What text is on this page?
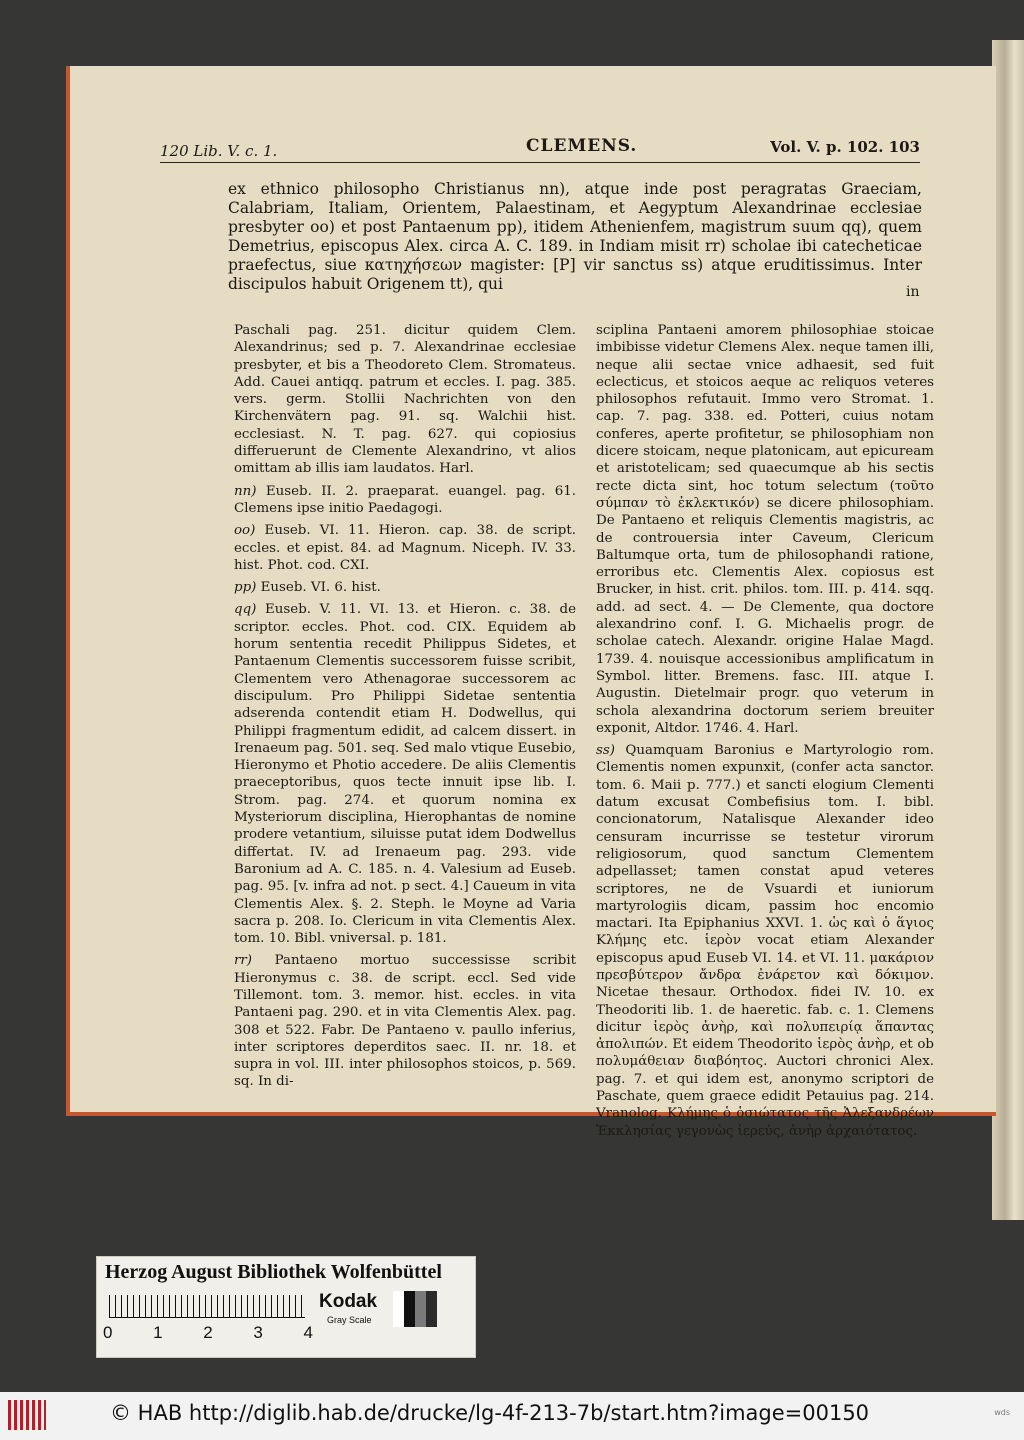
120 Lib. V. c. 1.	CLEMENS.	Vol. V. p. 102. 103

ex ethnico philosopho Christianus nn), atque inde post peragratas Graeciam, Calabriam, Italiam, Orientem, Palaestinam, et Aegyptum Alexandrinae ecclesiae presbyter oo) et post Pantaenum pp), itidem Athenienfem, magistrum suum qq), quem Demetrius, episcopus Alex. circa A. C. 189. in Indiam misit rr) scholae ibi catecheticae praefectus, siue κατηχήσεων magister: [P] vir sanctus ss) atque eruditissimus. Inter discipulos habuit Origenem tt), qui	in

Paschali pag. 251. dicitur quidem Clem. Alexandrinus; sed p. 7. Alexandrinae ecclesiae presbyter, et bis a Theodoreto Clem. Stromateus. Add. Cauei antiqq. patrum et eccles. I. pag. 385. vers. germ. Stollii Nachrichten von den Kirchenvätern pag. 91. sq. Walchii hist. ecclesiast. N. T. pag. 627. qui copiosius differuerunt de Clemente Alexandrino, vt alios omittam ab illis iam laudatos. Harl.

nn) Euseb. II. 2. praeparat. euangel. pag. 61. Clemens ipse initio Paedagogi.

oo) Euseb. VI. 11. Hieron. cap. 38. de script. eccles. et epist. 84. ad Magnum. Niceph. IV. 33. hist. Phot. cod. CXI.

pp) Euseb. VI. 6. hist.

qq) Euseb. V. 11. VI. 13. et Hieron. c. 38. de scriptor. eccles. Phot. cod. CIX. Equidem ab horum sententia recedit Philippus Sidetes, et Pantaenum Clementis successorem fuisse scribit, Clementem vero Athenagorae successorem ac discipulum. Pro Philippi Sidetae sententia adserenda contendit etiam H. Dodwellus, qui Philippi fragmentum edidit, ad calcem dissert. in Irenaeum pag. 501. seq. Sed malo vtique Eusebio, Hieronymo et Photio accedere. De aliis Clementis praeceptoribus, quos tecte innuit ipse lib. I. Strom. pag. 274. et quorum nomina ex Mysteriorum disciplina, Hierophantas de nomine prodere vetantium, siluisse putat idem Dodwellus differtat. IV. ad Irenaeum pag. 293. vide Baronium ad A. C. 185. n. 4. Valesium ad Euseb. pag. 95. [v. infra ad not. p sect. 4.] Caueum in vita Clementis Alex. §. 2. Steph. le Moyne ad Varia sacra p. 208. Io. Clericum in vita Clementis Alex. tom. 10. Bibl. vniversal. p. 181.

rr) Pantaeno mortuo successisse scribit Hieronymus c. 38. de script. eccl. Sed vide Tillemont. tom. 3. memor. hist. eccles. in vita Pantaeni pag. 290. et in vita Clementis Alex. pag. 308 et 522. Fabr. De Pantaeno v. paullo inferius, inter scriptores deperditos saec. II. nr. 18. et supra in vol. III. inter philosophos stoicos, p. 569. sq. In di-

sciplina Pantaeni amorem philosophiae stoicae imbibisse videtur Clemens Alex. neque tamen illi, neque alii sectae vnice adhaesit, sed fuit eclecticus, et stoicos aeque ac reliquos veteres philosophos refutauit. Immo vero Stromat. 1. cap. 7. pag. 338. ed. Potteri, cuius notam conferes, aperte profitetur, se philosophiam non dicere stoicam, neque platonicam, aut epicuream et aristotelicam; sed quaecumque ab his sectis recte dicta sint, hoc totum selectum (τοῦτο σύμπαν τὸ ἐκλεκτικόν) se dicere philosophiam. De Pantaeno et reliquis Clementis magistris, ac de controuersia inter Caveum, Clericum Baltumque orta, tum de philosophandi ratione, erroribus etc. Clementis Alex. copiosus est Brucker, in hist. crit. philos. tom. III. p. 414. sqq. add. ad sect. 4. — De Clemente, qua doctore alexandrino conf. I. G. Michaelis progr. de scholae catech. Alexandr. origine Halae Magd. 1739. 4. nouisque accessionibus amplificatum in Symbol. litter. Bremens. fasc. III. atque I. Augustin. Dietelmair progr. quo veterum in schola alexandrina doctorum seriem breuiter exponit, Altdor. 1746. 4. Harl.

ss) Quamquam Baronius e Martyrologio rom. Clementis nomen expunxit, (confer acta sanctor. tom. 6. Maii p. 777.) et sancti elogium Clementi datum excusat Combefisius tom. I. bibl. concionatorum, Natalisque Alexander ideo censuram incurrisse se testetur virorum religiosorum, quod sanctum Clementem adpellasset; tamen constat apud veteres scriptores, ne de Vsuardi et iuniorum martyrologiis dicam, passim hoc encomio mactari. Ita Epiphanius XXVI. 1. ὡς καὶ ὁ ἅγιος Κλήμης etc. ἱερὸν vocat etiam Alexander episcopus apud Euseb VI. 14. et VI. 11. μακάριον πρεσβύτερον ἄνδρα ἐνάρετον καὶ δόκιμον. Nicetae thesaur. Orthodox. fidei IV. 10. ex Theodoriti lib. 1. de haeretic. fab. c. 1. Clemens dicitur ἱερὸς ἀνὴρ, καὶ πολυπειρίᾳ ἅπαντας ἀπολιπών. Et eidem Theodorito ἱερὸς ἀνὴρ, et ob πολυμάθειαν διαβόητος. Auctori chronici Alex. pag. 7. et qui idem est, anonymo scriptori de Paschate, quem graece edidit Petauius pag. 214. Vranolog. Κλήμης ὁ ὁσιώτατος τῆς Ἀλεξανδρέων Ἐκκλησίας γεγονὼς ἱερεύς, ἀνὴρ ἀρχαιότατος.

Herzog August Bibliothek Wolfenbüttel
0 1 2 3 4
Kodak
Gray Scale
© HAB http://diglib.hab.de/drucke/lg-4f-213-7b/start.htm?image=00150	wds
